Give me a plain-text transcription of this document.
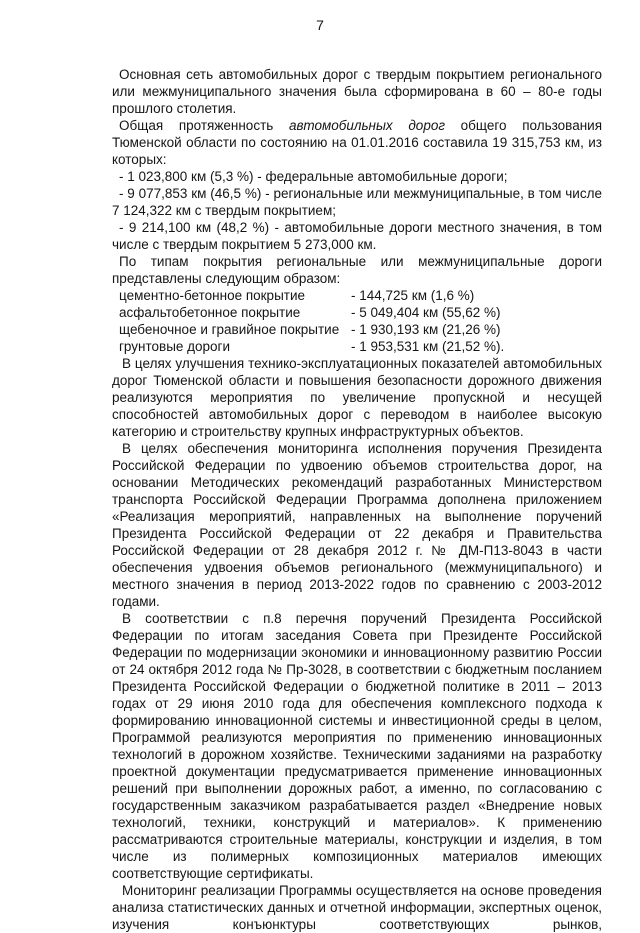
7

Основная сеть автомобильных дорог с твердым покрытием регионального или межмуниципального значения была сформирована в 60 – 80-е годы прошлого столетия.

Общая протяженность автомобильных дорог общего пользования Тюменской области по состоянию на 01.01.2016 составила 19 315,753 км, из которых:

- 1 023,800 км (5,3 %) - федеральные автомобильные дороги;

- 9 077,853 км (46,5 %) - региональные или межмуниципальные, в том числе 7 124,322 км с твердым покрытием;

- 9 214,100 км (48,2 %) - автомобильные дороги местного значения, в том числе с твердым покрытием 5 273,000 км.

По типам покрытия региональные или межмуниципальные дороги представлены следующим образом:

цементно-бетонное покрытие	- 144,725 км (1,6 %)
асфальтобетонное покрытие	- 5 049,404 км (55,62 %)
щебеночное и гравийное покрытие - 1 930,193 км (21,26 %)
грунтовые дороги	- 1 953,531 км (21,52 %).

В целях улучшения технико-эксплуатационных показателей автомобильных дорог Тюменской области и повышения безопасности дорожного движения реализуются мероприятия по увеличение пропускной и несущей способностей автомобильных дорог с переводом в наиболее высокую категорию и строительству крупных инфраструктурных объектов.

В целях обеспечения мониторинга исполнения поручения Президента Российской Федерации по удвоению объемов строительства дорог, на основании Методических рекомендаций разработанных Министерством транспорта Российской Федерации Программа дополнена приложением «Реализация мероприятий, направленных на выполнение поручений Президента Российской Федерации от 22 декабря и Правительства Российской Федерации от 28 декабря 2012 г. № ДМ-П13-8043 в части обеспечения удвоения объемов регионального (межмуниципального) и местного значения в период 2013-2022 годов по сравнению с 2003-2012 годами.

В соответствии с п.8 перечня поручений Президента Российской Федерации по итогам заседания Совета при Президенте Российской Федерации по модернизации экономики и инновационному развитию России от 24 октября 2012 года № Пр-3028, в соответствии с бюджетным посланием Президента Российской Федерации о бюджетной политике в 2011 – 2013 годах от 29 июня 2010 года для обеспечения комплексного подхода к формированию инновационной системы и инвестиционной среды в целом, Программой реализуются мероприятия по применению инновационных технологий в дорожном хозяйстве. Техническими заданиями на разработку проектной документации предусматривается применение инновационных решений при выполнении дорожных работ, а именно, по согласованию с государственным заказчиком разрабатывается раздел «Внедрение новых технологий, техники, конструкций и материалов». К применению рассматриваются строительные материалы, конструкции и изделия, в том числе из полимерных композиционных материалов имеющих соответствующие сертификаты.

Мониторинг реализации Программы осуществляется на основе проведения анализа статистических данных и отчетной информации, экспертных оценок, изучения конъюнктуры соответствующих рынков,
